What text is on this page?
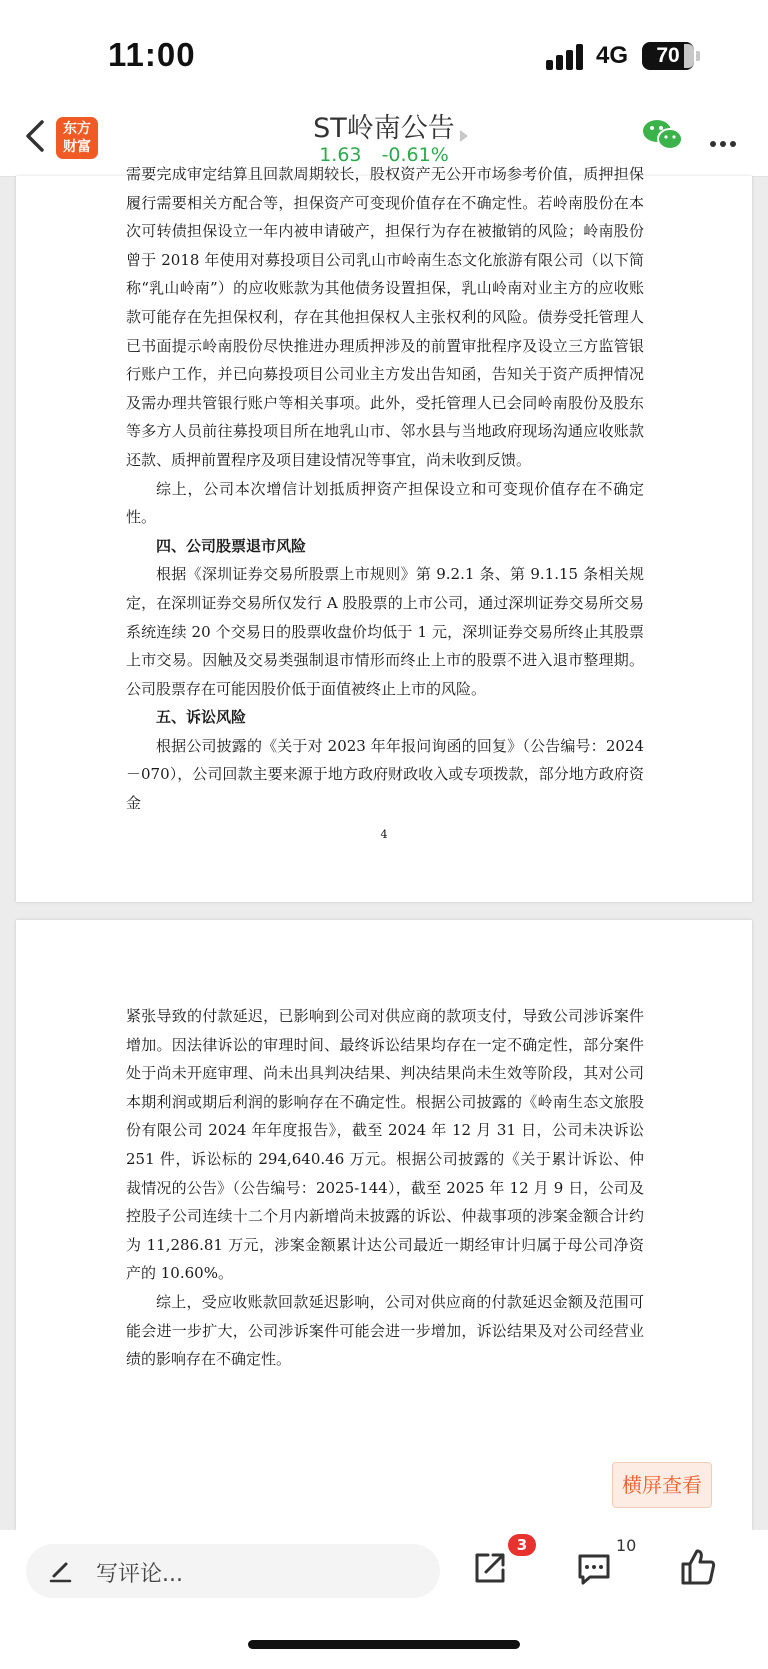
11:00	4G	70
东方
财富
ST岭南公告
1.63 -0.61%

需要完成审定结算且回款周期较长，股权资产无公开市场参考价值，质押担保履行需要相关方配合等，担保资产可变现价值存在不确定性。若岭南股份在本次可转债担保设立一年内被申请破产，担保行为存在被撤销的风险；岭南股份曾于 2018 年使用对募投项目公司乳山市岭南生态文化旅游有限公司（以下简称“乳山岭南”）的应收账款为其他债务设置担保，乳山岭南对业主方的应收账款可能存在先担保权利，存在其他担保权人主张权利的风险。债券受托管理人已书面提示岭南股份尽快推进办理质押涉及的前置审批程序及设立三方监管银行账户工作，并已向募投项目公司业主方发出告知函，告知关于资产质押情况及需办理共管银行账户等相关事项。此外，受托管理人已会同岭南股份及股东等多方人员前往募投项目所在地乳山市、邻水县与当地政府现场沟通应收账款还款、质押前置程序及项目建设情况等事宜，尚未收到反馈。

综上，公司本次增信计划抵质押资产担保设立和可变现价值存在不确定性。

四、公司股票退市风险

根据《深圳证券交易所股票上市规则》第 9.2.1 条、第 9.1.15 条相关规定，在深圳证券交易所仅发行 A 股股票的上市公司，通过深圳证券交易所交易系统连续 20 个交易日的股票收盘价均低于 1 元，深圳证券交易所终止其股票上市交易。因触及交易类强制退市情形而终止上市的股票不进入退市整理期。公司股票存在可能因股价低于面值被终止上市的风险。

五、诉讼风险

根据公司披露的《关于对 2023 年年报问询函的回复》（公告编号：2024－070），公司回款主要来源于地方政府财政收入或专项拨款，部分地方政府资金

4

紧张导致的付款延迟，已影响到公司对供应商的款项支付，导致公司涉诉案件增加。因法律诉讼的审理时间、最终诉讼结果均存在一定不确定性，部分案件处于尚未开庭审理、尚未出具判决结果、判决结果尚未生效等阶段，其对公司本期利润或期后利润的影响存在不确定性。根据公司披露的《岭南生态文旅股份有限公司 2024 年年度报告》，截至 2024 年 12 月 31 日，公司未决诉讼 251 件，诉讼标的 294,640.46 万元。根据公司披露的《关于累计诉讼、仲裁情况的公告》（公告编号：2025-144），截至 2025 年 12 月 9 日，公司及控股子公司连续十二个月内新增尚未披露的诉讼、仲裁事项的涉案金额合计约为 11,286.81 万元，涉案金额累计达公司最近一期经审计归属于母公司净资产的 10.60%。

综上，受应收账款回款延迟影响，公司对供应商的付款延迟金额及范围可能会进一步扩大，公司涉诉案件可能会进一步增加，诉讼结果及对公司经营业绩的影响存在不确定性。

横屏查看
写评论...
3	10
